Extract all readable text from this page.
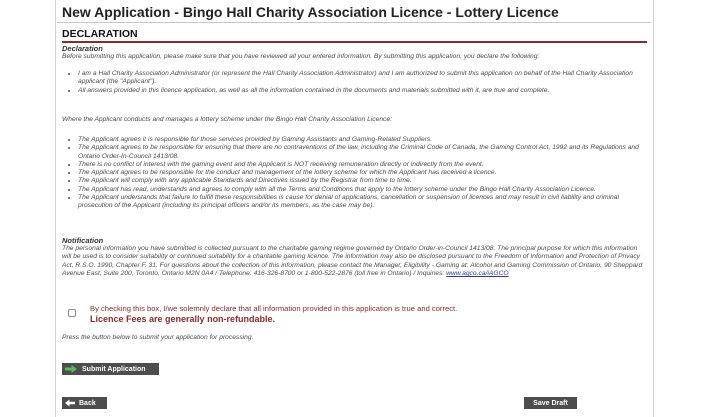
New Application - Bingo Hall Charity Association Licence - Lottery Licence
DECLARATION
Declaration
Before submitting this application, please make sure that you have reviewed all your entered information. By submitting this application, you declare the following:
• I am a Hall Charity Association Administrator (or represent the Hall Charity Association Administrator) and I am authorized to submit this application on behalf of the Hall Charity Association applicant (the "Applicant").
• All answers provided in this licence application, as well as all the information contained in the documents and materials submitted with it, are true and complete.
Where the Applicant conducts and manages a lottery scheme under the Bingo Hall Charity Association Licence:
• The Applicant agrees it is responsible for those services provided by Gaming Assistants and Gaming-Related Suppliers.
• The Applicant agrees to be responsible for ensuring that there are no contraventions of the law, including the Criminal Code of Canada, the Gaming Control Act, 1992 and its Regulations and Ontario Order-In-Council 1413/08.
• There is no conflict of interest with the gaming event and the Applicant is NOT receiving remuneration directly or indirectly from the event.
• The Applicant agrees to be responsible for the conduct and management of the lottery scheme for which the Applicant has received a licence.
• The Applicant will comply with any applicable Standards and Directives issued by the Registrar from time to time.
• The Applicant has read, understands and agrees to comply with all the Terms and Conditions that apply to the lottery scheme under the Bingo Hall Charity Association Licence.
• The Applicant understands that failure to fulfill these responsibilities is cause for denial of applications, cancellation or suspension of licences and may result in civil liability and criminal prosecution of the Applicant (including its principal officers and/or its members, as the case may be).
Notification
The personal information you have submitted is collected pursuant to the charitable gaming regime governed by Ontario Order-in-Council 1413/08. The principal purpose for which this information will be used is to consider suitability or continued suitability for a charitable gaming licence. The information may also be disclosed pursuant to the Freedom of Information and Protection of Privacy Act, R.S.O. 1990, Chapter F. 31. For questions about the collection of this information, please contact the Manager, Eligibility - Gaming at: Alcohol and Gaming Commission of Ontario, 90 Sheppard Avenue East, Suite 200, Toronto, Ontario M2N 0A4 / Telephone: 416-326-8700 or 1-800-522-2876 (toll free in Ontario) / Inquiries: www.agco.ca/iAGCO
By checking this box, I/we solemnly declare that all information provided in this application is true and correct.
Licence Fees are generally non-refundable.
Press the button below to submit your application for processing.
Submit Application
Back	Save Draft
